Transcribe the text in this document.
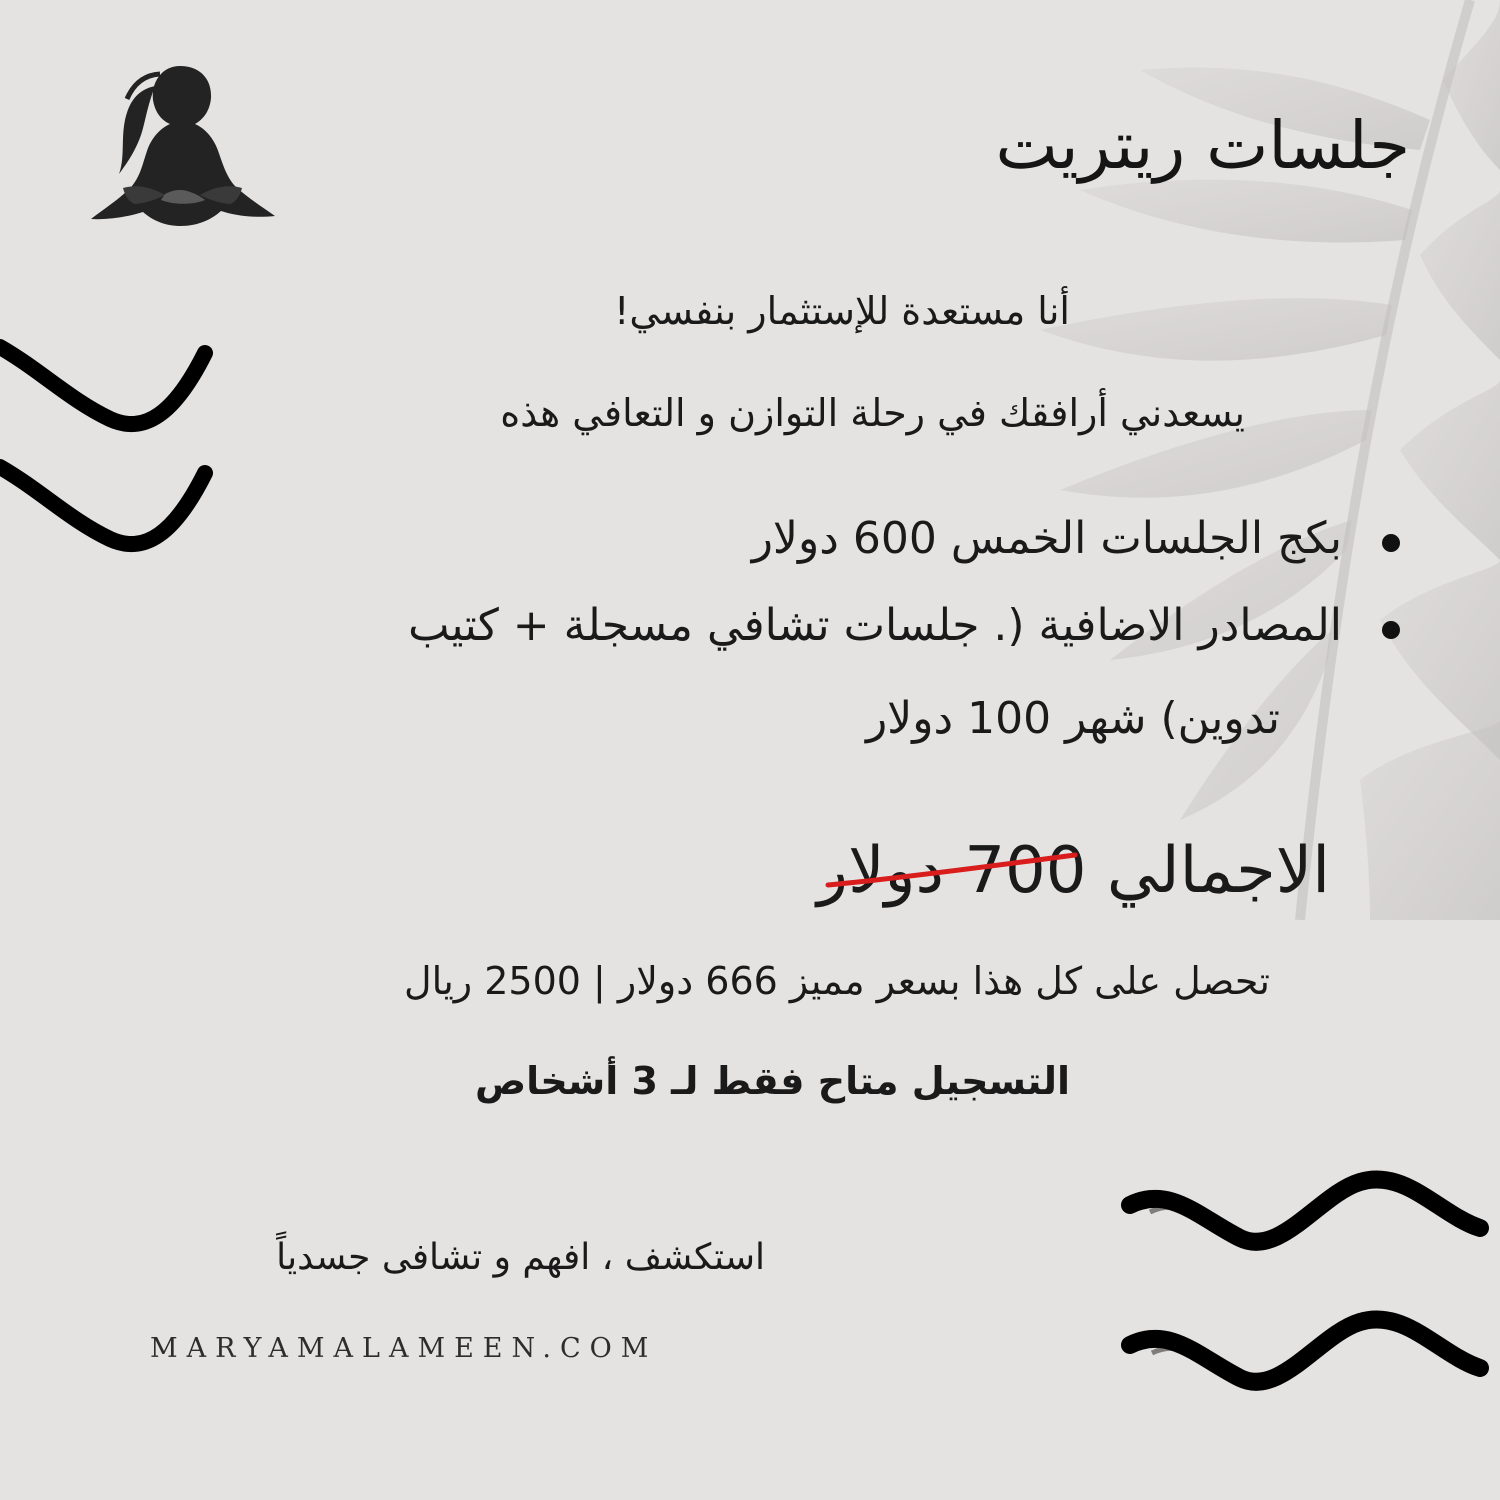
جلسات ريتريت
أنا مستعدة للإستثمار بنفسي!
يسعدني أرافقك في رحلة التوازن و التعافي هذه
بكج الجلسات الخمس 600 دولار
المصادر الاضافية (. جلسات تشافي مسجلة + كتيب
تدوين) شهر 100 دولار
الاجمالي 700 دولار
تحصل على كل هذا بسعر مميز 666 دولار | 2500 ريال
التسجيل متاح فقط لـ 3 أشخاص
استكشف ، افهم و تشافى جسدياً
MARYAMALAMEEN.COM
